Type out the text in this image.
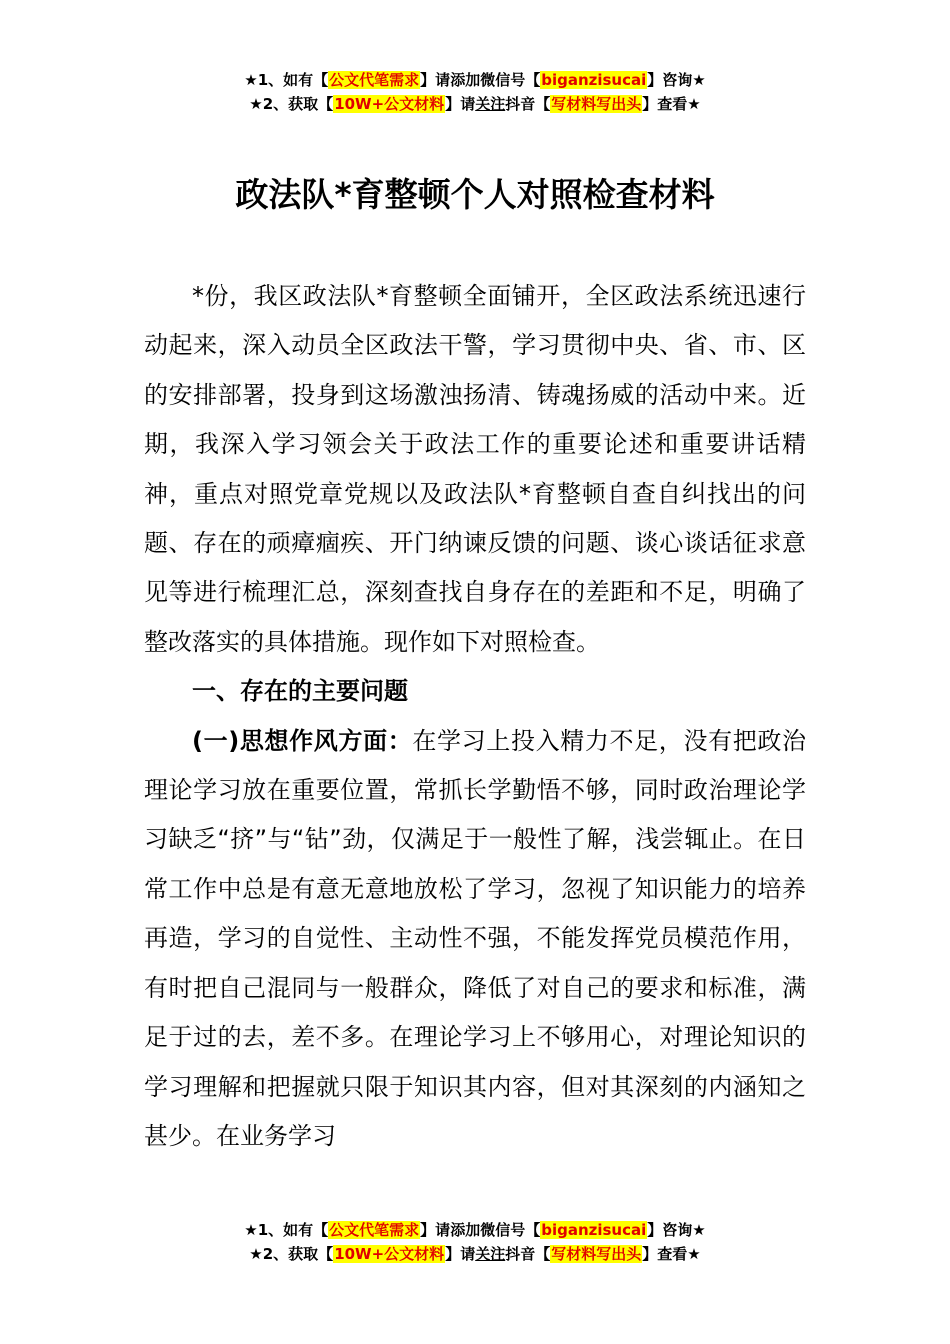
★1、如有【公文代笔需求】请添加微信号【biganzisucai】咨询★
★2、获取【10W+公文材料】请关注抖音【写材料写出头】查看★
政法队*育整顿个人对照检查材料

*份，我区政法队*育整顿全面铺开，全区政法系统迅速行动起来，深入动员全区政法干警，学习贯彻中央、省、市、区的安排部署，投身到这场激浊扬清、铸魂扬威的活动中来。近期，我深入学习领会关于政法工作的重要论述和重要讲话精神，重点对照党章党规以及政法队*育整顿自查自纠找出的问题、存在的顽瘴痼疾、开门纳谏反馈的问题、谈心谈话征求意见等进行梳理汇总，深刻查找自身存在的差距和不足，明确了整改落实的具体措施。现作如下对照检查。

一、存在的主要问题

(一)思想作风方面：在学习上投入精力不足，没有把政治理论学习放在重要位置，常抓长学勤悟不够，同时政治理论学习缺乏“挤”与“钻”劲，仅满足于一般性了解，浅尝辄止。在日常工作中总是有意无意地放松了学习，忽视了知识能力的培养再造，学习的自觉性、主动性不强，不能发挥党员模范作用，有时把自己混同与一般群众，降低了对自己的要求和标准，满足于过的去，差不多。在理论学习上不够用心，对理论知识的学习理解和把握就只限于知识其内容，但对其深刻的内涵知之甚少。在业务学习

★1、如有【公文代笔需求】请添加微信号【biganzisucai】咨询★
★2、获取【10W+公文材料】请关注抖音【写材料写出头】查看★
